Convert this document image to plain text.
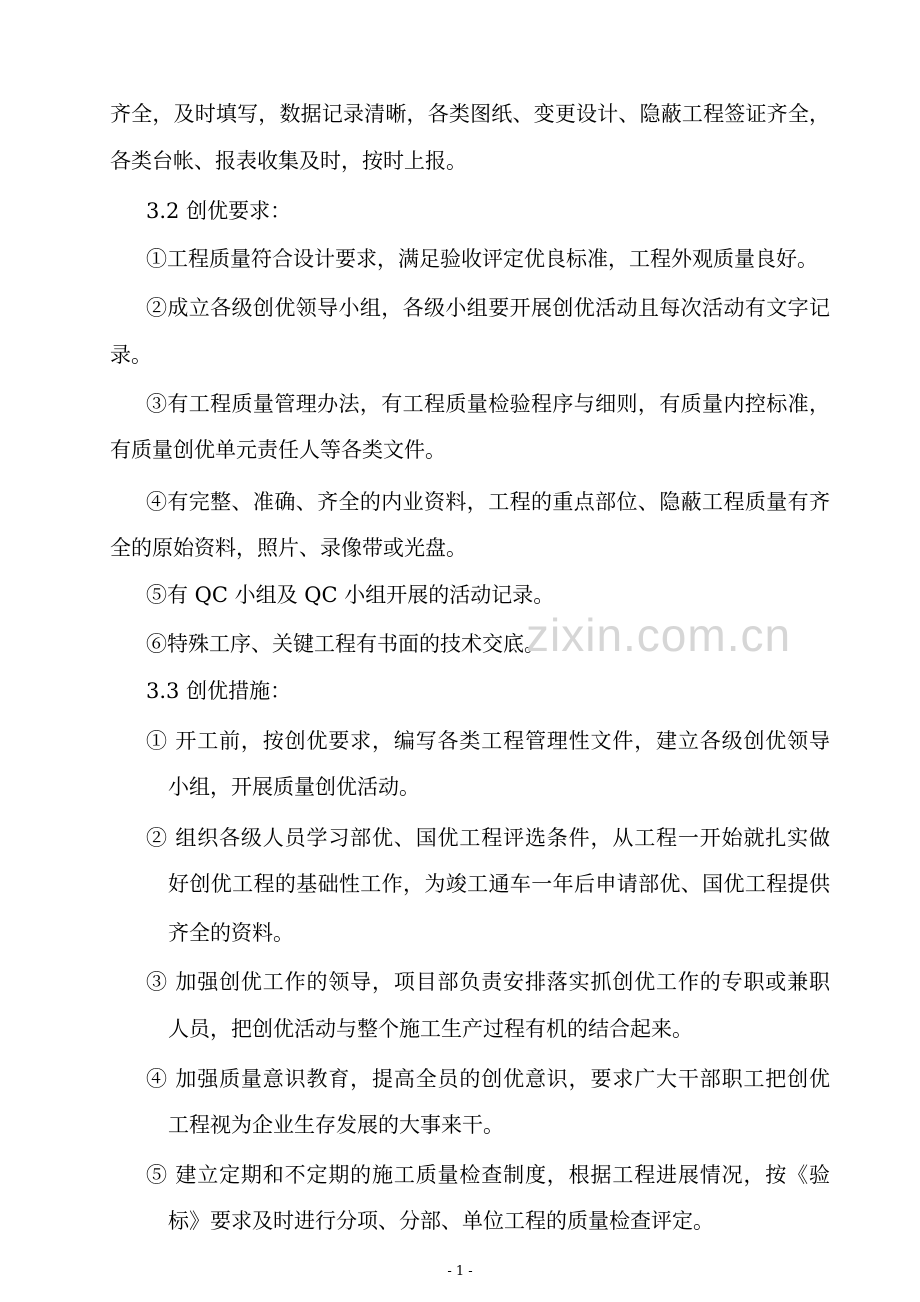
齐全，及时填写，数据记录清晰，各类图纸、变更设计、隐蔽工程签证齐全，
各类台帐、报表收集及时，按时上报。
3.2 创优要求：
①工程质量符合设计要求，满足验收评定优良标准，工程外观质量良好。
②成立各级创优领导小组，各级小组要开展创优活动且每次活动有文字记
录。
③有工程质量管理办法，有工程质量检验程序与细则，有质量内控标准，
有质量创优单元责任人等各类文件。
④有完整、准确、齐全的内业资料，工程的重点部位、隐蔽工程质量有齐
全的原始资料，照片、录像带或光盘。
⑤有 QC 小组及 QC 小组开展的活动记录。
⑥特殊工序、关键工程有书面的技术交底。
3.3 创优措施：
① 开工前，按创优要求，编写各类工程管理性文件，建立各级创优领导
小组，开展质量创优活动。
② 组织各级人员学习部优、国优工程评选条件，从工程一开始就扎实做
好创优工程的基础性工作，为竣工通车一年后申请部优、国优工程提供
齐全的资料。
③ 加强创优工作的领导，项目部负责安排落实抓创优工作的专职或兼职
人员，把创优活动与整个施工生产过程有机的结合起来。
④ 加强质量意识教育，提高全员的创优意识，要求广大干部职工把创优
工程视为企业生存发展的大事来干。
⑤ 建立定期和不定期的施工质量检查制度，根据工程进展情况，按《验
标》要求及时进行分项、分部、单位工程的质量检查评定。
zixin.com.cn
- 1 -
